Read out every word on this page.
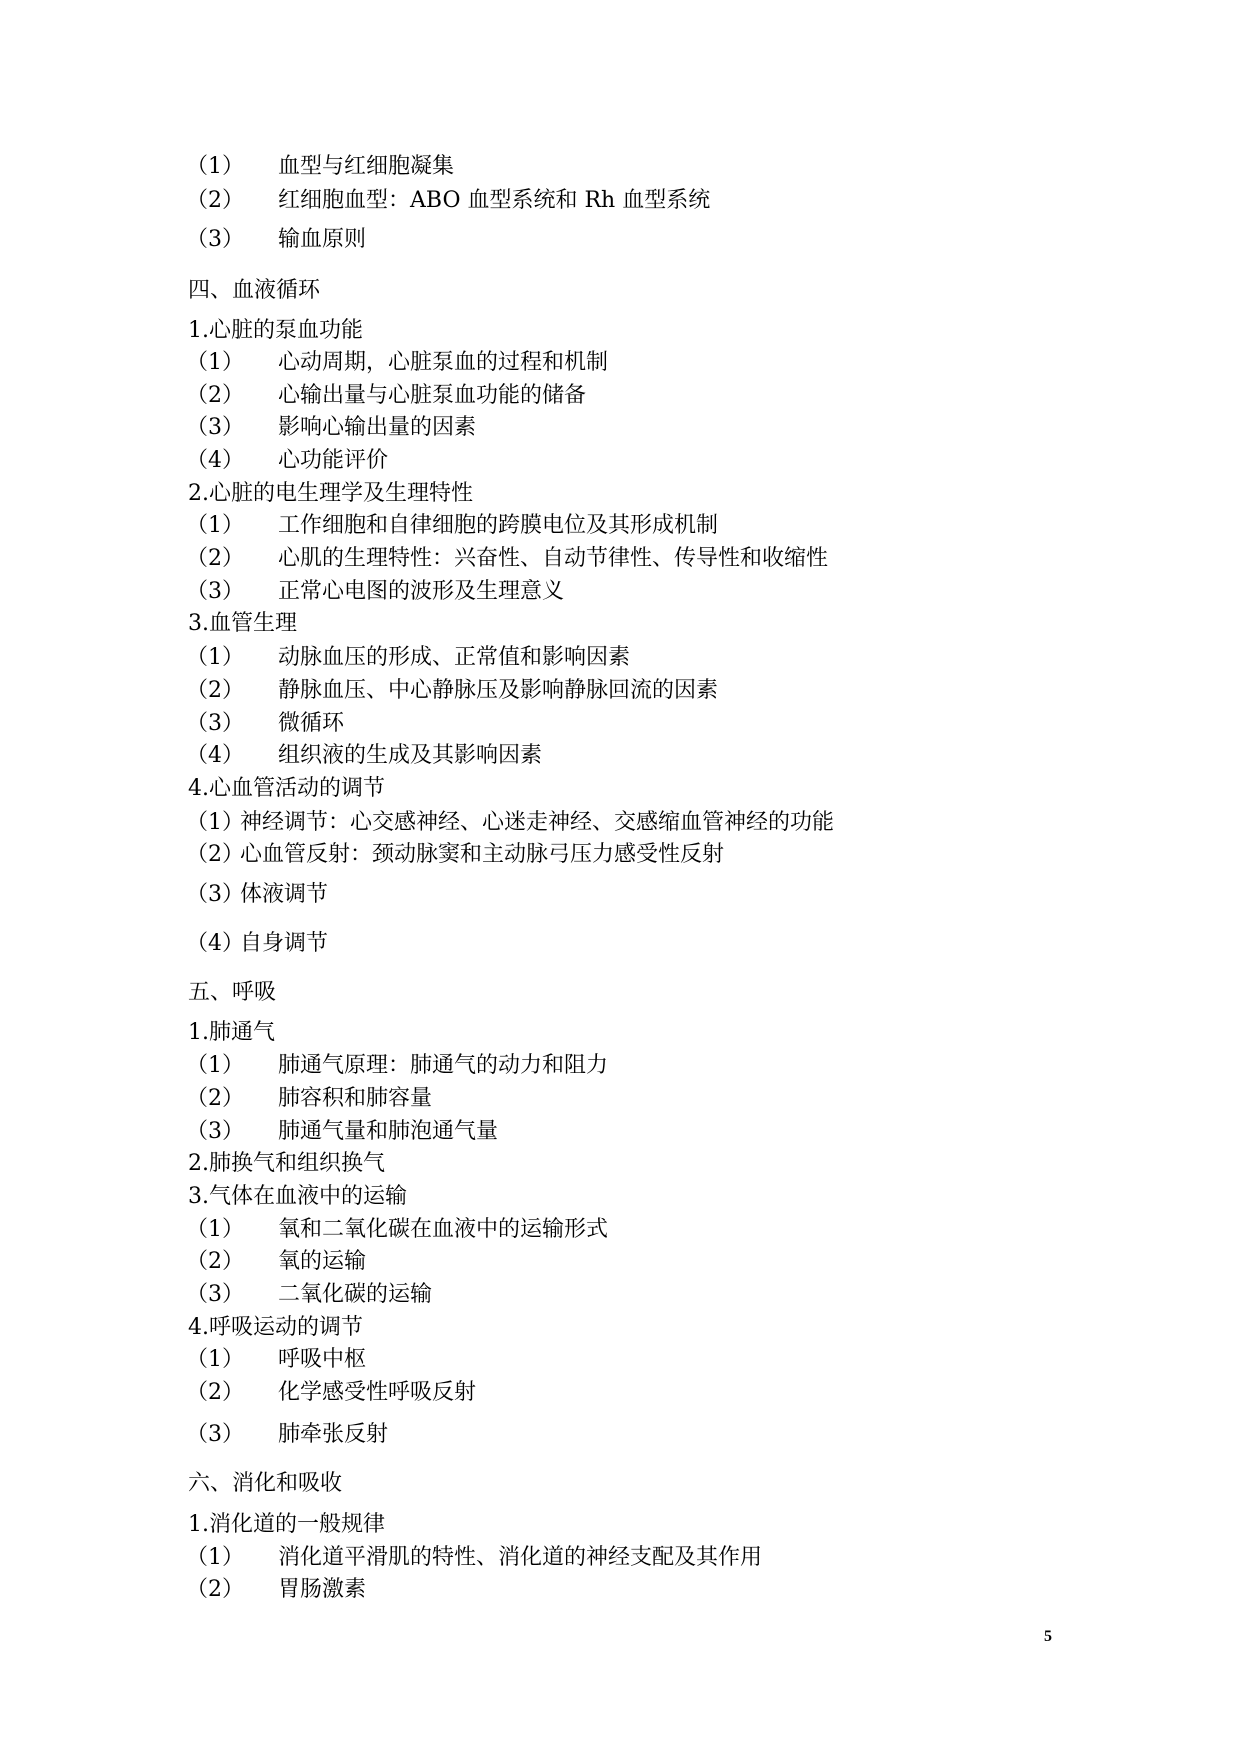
（1） 血型与红细胞凝集
（2） 红细胞血型：ABO 血型系统和 Rh 血型系统
（3） 输血原则
四、血液循环
1.心脏的泵血功能
（1） 心动周期，心脏泵血的过程和机制
（2） 心输出量与心脏泵血功能的储备
（3） 影响心输出量的因素
（4） 心功能评价
2.心脏的电生理学及生理特性
（1） 工作细胞和自律细胞的跨膜电位及其形成机制
（2） 心肌的生理特性：兴奋性、自动节律性、传导性和收缩性
（3） 正常心电图的波形及生理意义
3.血管生理
（1） 动脉血压的形成、正常值和影响因素
（2） 静脉血压、中心静脉压及影响静脉回流的因素
（3） 微循环
（4） 组织液的生成及其影响因素
4.心血管活动的调节
（1）神经调节：心交感神经、心迷走神经、交感缩血管神经的功能
（2）心血管反射：颈动脉窦和主动脉弓压力感受性反射
（3）体液调节
（4）自身调节
五、呼吸
1.肺通气
（1） 肺通气原理：肺通气的动力和阻力
（2） 肺容积和肺容量
（3） 肺通气量和肺泡通气量
2.肺换气和组织换气
3.气体在血液中的运输
（1） 氧和二氧化碳在血液中的运输形式
（2） 氧的运输
（3） 二氧化碳的运输
4.呼吸运动的调节
（1） 呼吸中枢
（2） 化学感受性呼吸反射
（3） 肺牵张反射
六、消化和吸收
1.消化道的一般规律
（1） 消化道平滑肌的特性、消化道的神经支配及其作用
（2） 胃肠激素
5
